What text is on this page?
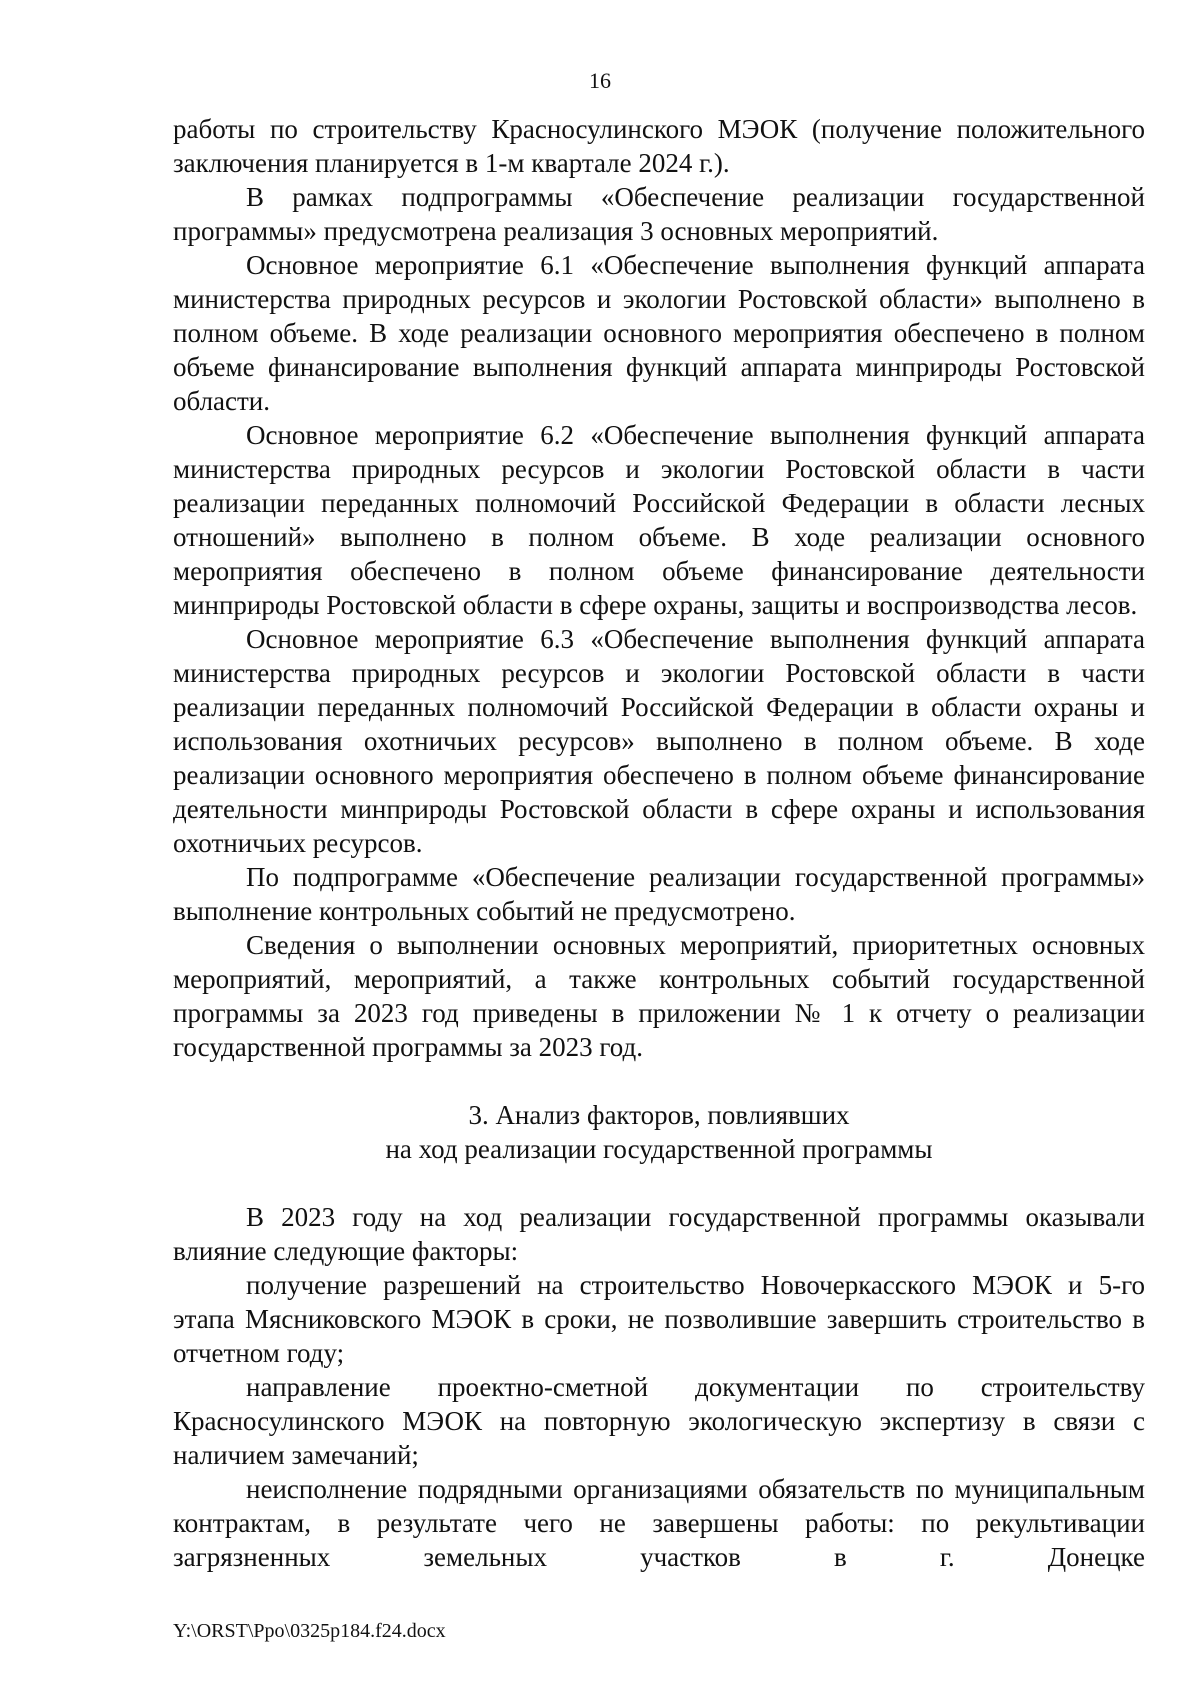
16

работы по строительству Красносулинского МЭОК (получение положительного заключения планируется в 1-м квартале 2024 г.).

В рамках подпрограммы «Обеспечение реализации государственной программы» предусмотрена реализация 3 основных мероприятий.

Основное мероприятие 6.1 «Обеспечение выполнения функций аппарата министерства природных ресурсов и экологии Ростовской области» выполнено в полном объеме. В ходе реализации основного мероприятия обеспечено в полном объеме финансирование выполнения функций аппарата минприроды Ростовской области.

Основное мероприятие 6.2 «Обеспечение выполнения функций аппарата министерства природных ресурсов и экологии Ростовской области в части реализации переданных полномочий Российской Федерации в области лесных отношений» выполнено в полном объеме. В ходе реализации основного мероприятия обеспечено в полном объеме финансирование деятельности минприроды Ростовской области в сфере охраны, защиты и воспроизводства лесов.

Основное мероприятие 6.3 «Обеспечение выполнения функций аппарата министерства природных ресурсов и экологии Ростовской области в части реализации переданных полномочий Российской Федерации в области охраны и использования охотничьих ресурсов» выполнено в полном объеме. В ходе реализации основного мероприятия обеспечено в полном объеме финансирование деятельности минприроды Ростовской области в сфере охраны и использования охотничьих ресурсов.

По подпрограмме «Обеспечение реализации государственной программы» выполнение контрольных событий не предусмотрено.

Сведения о выполнении основных мероприятий, приоритетных основных мероприятий, мероприятий, а также контрольных событий государственной программы за 2023 год приведены в приложении № 1 к отчету о реализации государственной программы за 2023 год.

3. Анализ факторов, повлиявших
на ход реализации государственной программы

В 2023 году на ход реализации государственной программы оказывали влияние следующие факторы:

получение разрешений на строительство Новочеркасского МЭОК и 5-го этапа Мясниковского МЭОК в сроки, не позволившие завершить строительство в отчетном году;

направление проектно-сметной документации по строительству Красносулинского МЭОК на повторную экологическую экспертизу в связи с наличием замечаний;

неисполнение подрядными организациями обязательств по муниципальным контрактам, в результате чего не завершены работы: по рекультивации загрязненных земельных участков в г. Донецке

Y:\ORST\Ppo\0325p184.f24.docx
